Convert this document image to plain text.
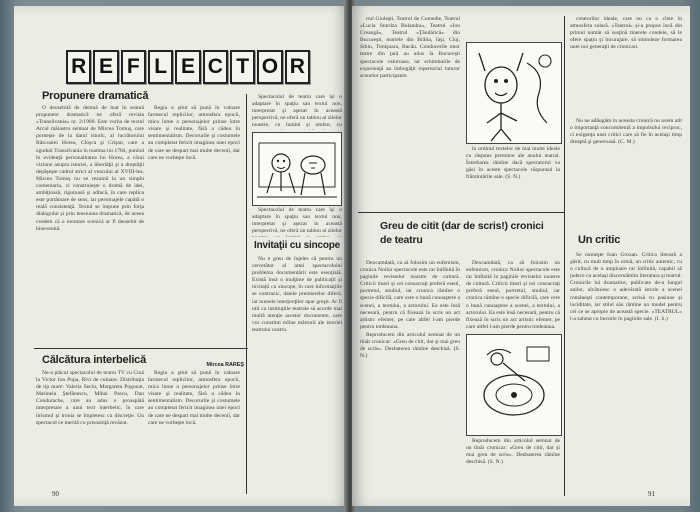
R E F L E C T O R
Propunere dramatică

O deosebită de demnă de luat în seamă propunere dramatică ne oferă revista «Transilvania» nr. 2/1988. Este vorba de textul Arcul măiastru semnat de Mircea Tomuș, care porneşte de la datul istoric, al lucrătorului Răscoalei Horea, Cloşca şi Crişan, care a zguduit Transilvania în toamna lui 1784, punînd în evidenţă personalitatea lui Horea, a cărui viziune asupra istoriei, a libertăţii şi a dreptăţii depăşeşte cadrul strict al veacului al XVIII-lea. Mircea Tomuş nu se rezumă la un simplu comentariu, ci construieşte o dramă de idei, ambiţioasă, riguroasă şi adîncă, în care replica este purtătoare de sens, iar personajele capătă o reală consistenţă. Textul se impune prin forţa dialogului şi prin tensiunea dramatică, de aceea credem că o montare scenică ar fi deosebit de binevenită.

Regia a ştiut să pună în valoare farmecul replicilor, atmosfera epocii, mica lume a personajelor prinse între visare şi realitate, fără a cădea în sentimentalism. Decorurile şi costumele au completat fericit imaginea unei epoci de care ne despart mai multe decenii, dar care ne vorbeşte încă.

Călcătura interbelică

Ne-a plăcut spectacolul de teatru TV cu Cină la Victor Ion Popa, Rivi de culoare. Distribuţia de tip mare: Valeria Seciu, Margareta Pogonat, Marinela Ştefănescu, Mihai Pascu, Dan Condurache, care au adus o proaspătă interpretare a unui text interbelic, în care lirismul şi ironia se împletesc cu discreţie. Un spectacol ce merită cu prisosinţă revăzut.

Regia a ştiut să pună în valoare farmecul replicilor, atmosfera epocii, mica lume a personajelor prinse între visare şi realitate, fără a cădea în sentimentalism. Decorurile şi costumele au completat fericit imaginea unei epoci de care ne despart mai multe decenii, dar care ne vorbeşte încă.

Spectacolul de teatru care îşi o adaptare în spaţiu sau textul nou, interpretat şi aşezat în această perspectivă, ne oferă un tablou al zilelor noastre, cu lumini şi umbre, cu

Spectacolul de teatru care îşi o adaptare în spaţiu sau textul nou, interpretat şi aşezat în această perspectivă, ne oferă un tablou al zilelor

Invitaţii cu sincope

Nu e greu de înţeles că pentru un cercetător al artei spectacolului problema documentării este esenţială. Există însă o mulţime de publicaţii şi invitaţii cu sincope, în care informaţiile se contrazic, datele premierelor diferă, iar numele interpreţilor apar greşit. Ar fi util ca instituţiile teatrale să acorde mai multă atenţie acestor documente, care vor constitui mîine mărturii ale istoriei teatrului nostru.

Mircea RAREŞ
90

trul Giuleşti, Teatrul de Comedie, Teatrul «Lucia Sturdza Bulandra», Teatrul «Ion Creangă», Teatrul «Ţăndărică» din Bucureşti, teatrele din Brăila, Iaşi, Cluj, Sibiu, Timişoara, Bacău. Conducerile unor teatre din ţară au adus la Bucureşti spectacole valoroase, iar schimburile de experienţă au îmbogăţit repertoriul tuturor scenelor participante.

în ordinul textelor de mai multe ideale cu răspuns premiere ale anului teatral. Întrebarea rămîne dacă spectatorul va găsi în aceste spectacole răspunsul la frămîntările sale. (S. N.)

Greu de citit (dar de scris!) cronici de teatru

Deocamdată, ca să folosim un eufemism, cronica Noilor spectacole este rar întîlnită în paginile revistelor noastre de cultură. Criticii tineri şi cei consacraţi preferă eseul, portretul, studiul, iar cronica rămîne o specie dificilă, care cere o bună cunoaştere a scenei, a textului, a actorului. Ea este însă necesară, pentru că fixează în scris un act artistic efemer, pe care altfel l-am pierde pentru totdeauna.

Reproducem din articolul semnat de un tînăr cronicar: «Greu de citit, dar şi mai greu de scris». Dezbaterea rămîne deschisă. (S. N.)

Deocamdată, ca să folosim un eufemism, cronica Noilor spectacole este rar întîlnită în paginile revistelor noastre de cultură. Criticii tineri şi cei consacraţi preferă eseul, portretul, studiul, iar cronica rămîne o specie dificilă, care cere o bună cunoaştere a scenei, a textului, a actorului. Ea este însă necesară, pentru că fixează în scris un act artistic efemer, pe care altfel l-am pierde pentru totdeauna.

Reproducem din articolul semnat de un tînăr cronicar: «Greu de citit, dar şi mai greu de scris». Dezbaterea rămîne deschisă. (S. N.)

creatorilor ideale, care nu ca o cînte în atmosfera solară. «Teatrul» şi-a propus încă din primul număr să susţină tinerele condeie, să le ofere spaţiu şi încurajare, să stimuleze formarea unei noi generaţii de cronicari.

Nu ne adăugăm în aceasta cronică nu avem atît o importanţă concomitentă a impulsului reciproc, ci exigenţa unei critici care să fie în acelaşi timp dreaptă şi generoasă. (C. M.)

Un critic

Se numeşte Ioan Grozan. Critica literară a găsit, cu mult timp în urmă, un critic autentic, cu o cultură de o amploare rar întîlnită, capabil să judece cu acelaşi discernămînt literatura şi teatrul. Cronicile lui dramatice, publicate de-a lungul anilor, alcătuiesc o adevărată istorie a scenei româneşti contemporane, scrisă cu pasiune şi luciditate, iar stilul său rămîne un model pentru cei ce se apropie de această specie. «TEATRUL» l-a salutat cu bucurie în paginile sale. (I. S.)

91
